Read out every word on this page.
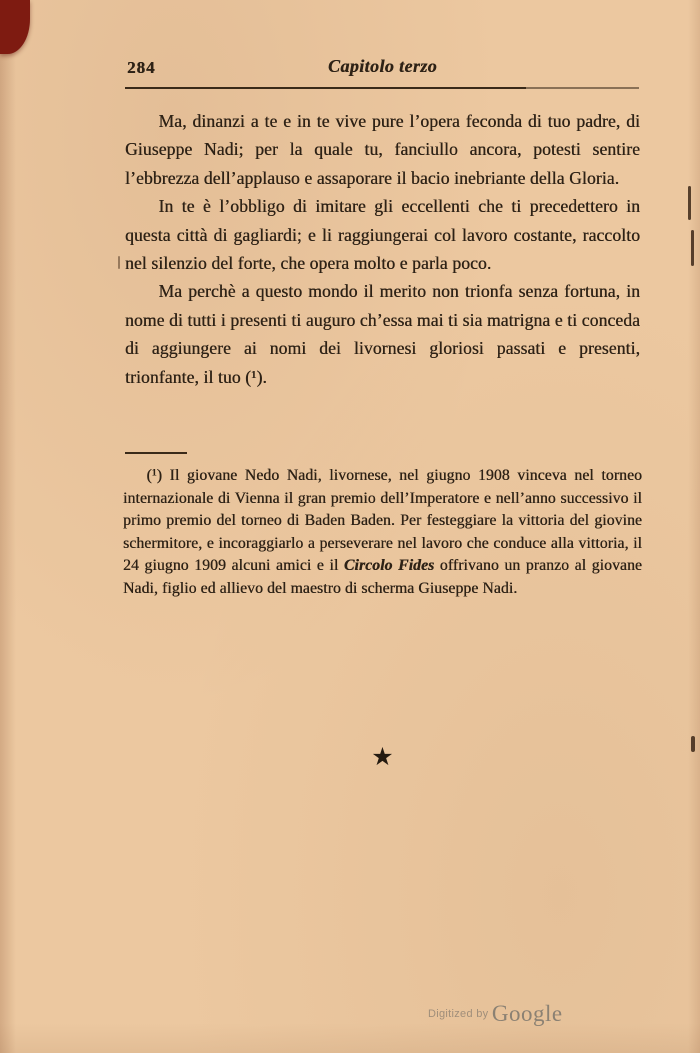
284	Capitolo terzo

Ma, dinanzi a te e in te vive pure l’opera feconda di tuo padre, di Giuseppe Nadi; per la quale tu, fanciullo ancora, potesti sentire l’ebbrezza dell’applauso e assaporare il bacio inebriante della Gloria.

In te è l’obbligo di imitare gli eccellenti che ti precedettero in questa città di gagliardi; e li raggiungerai col lavoro costante, raccolto nel silenzio del forte, che opera molto e parla poco.

Ma perchè a questo mondo il merito non trionfa senza fortuna, in nome di tutti i presenti ti auguro ch’essa mai ti sia matrigna e ti conceda di aggiungere ai nomi dei livornesi gloriosi passati e presenti, trionfante, il tuo (¹).

(¹) Il giovane Nedo Nadi, livornese, nel giugno 1908 vinceva nel torneo internazionale di Vienna il gran premio dell’Imperatore e nell’anno successivo il primo premio del torneo di Baden Baden. Per festeggiare la vittoria del giovine schermitore, e incoraggiarlo a perseverare nel lavoro che conduce alla vittoria, il 24 giugno 1909 alcuni amici e il Circolo Fides offrivano un pranzo al giovane Nadi, figlio ed allievo del maestro di scherma Giuseppe Nadi.

★
$^{Digitized by}$ Google
